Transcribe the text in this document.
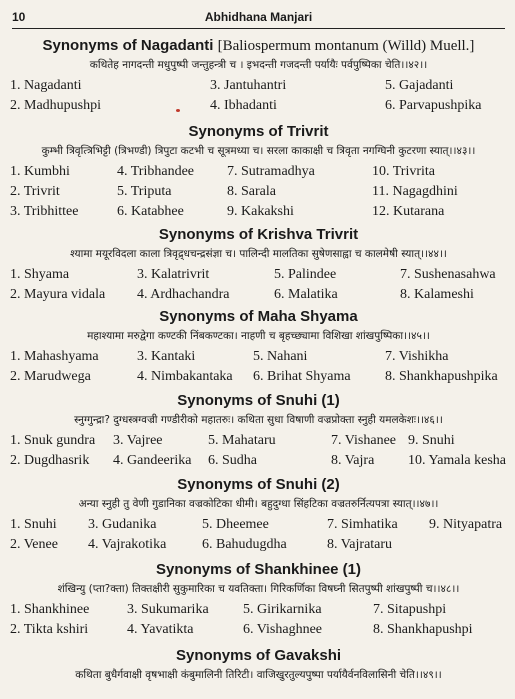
10	Abhidhana Manjari
Synonyms of Nagadanti [Baliospermum montanum (Willd) Muell.]
कथितेह नागदन्ती मधुपुष्पी जन्तुहन्त्री च । इभदन्ती गजदन्ती पर्यायैः पर्वपुष्पिका चेति।।४२।।
1. Nagadanti	3. Jantuhantri	5. Gajadanti
2. Madhupushpi	4. Ibhadanti	6. Parvapushpika
Synonyms of Trivrit
कुम्भी त्रिवृत्त्रिभिट्टी (त्रिभण्डी) त्रिपुटा कटभी च सूत्रमध्या च। सरला काकाक्षी च त्रिवृता नगग्घिनी कुटरणा स्यात्।।४३।।
1. Kumbhi	4. Tribhandee	7. Sutramadhya	10. Trivrita
2. Trivrit	5. Triputa	8. Sarala	11. Nagagdhini
3. Tribhittee	6. Katabhee	9. Kakakshi	12. Kutarana
Synonyms of Krishva Trivrit
श्यामा मयूरविदला काला त्रिवृद्र्धचन्द्रसंज्ञा च। पालिन्दी मालतिका सुषेणसाह्वा च कालमेषी स्यात्।।४४।।
1. Shyama	3. Kalatrivrit	5. Palindee	7. Sushenasahwa
2. Mayura vidala	4. Ardhachandra	6. Malatika	8. Kalameshi
Synonyms of Maha Shyama
महाश्यामा मरुद्वेगा कण्टकी निंबकण्टका। नाहणी च बृहच्छ्यामा विशिखा शांखपुष्पिका।।४५।।
1. Mahashyama	3. Kantaki	5. Nahani	7. Vishikha
2. Marudwega	4. Nimbakantaka	6. Brihat Shyama	8. Shankhapushpika
Synonyms of Snuhi (1)
स्नुग्गुन्द्रा? दुग्धस्त्रग्वज्री गण्डीरीको महातरुः। कथिता सुधा विषाणी वज्रप्रोक्ता स्नुही यमलकेशः।।४६।।
1. Snuk gundra	3. Vajree	5. Mahataru	7. Vishanee 9. Snuhi
2. Dugdhasrik	4. Gandeerika	6. Sudha	8. Vajra	10. Yamala kesha
Synonyms of Snuhi (2)
अन्या स्नुही तु वेणी गुडानिका वज्रकोटिका धीमी। बहुदुग्धा सिंहटिका वज्रतरुर्नित्यपत्रा स्यात्।।४७।।
1. Snuhi	3. Gudanika	5. Dheemee	7. Simhatika	9. Nityapatra
2. Venee	4. Vajrakotika	6. Bahudugdha	8. Vajrataru
Synonyms of Shankhinee (1)
शंखिन्यु (प्ता?क्ता) तिक्तक्षीरी सुकुमारिका च यवतिक्ता। गिरिकर्णिका विषघ्नी सितपुष्पी शांखपुष्पी च।।४८।।
1. Shankhinee	3. Sukumarika	5. Girikarnika	7. Sitapushpi
2. Tikta kshiri	4. Yavatikta	6. Vishaghnee	8. Shankhapushpi
Synonyms of Gavakshi
कथिता बुधैर्गवाक्षी वृषभाक्षी कंबुमालिनी तिरिटी। वाजिखुरतुल्यपुष्पा पर्यायैर्वनविलासिनी चेति।।४९।।
